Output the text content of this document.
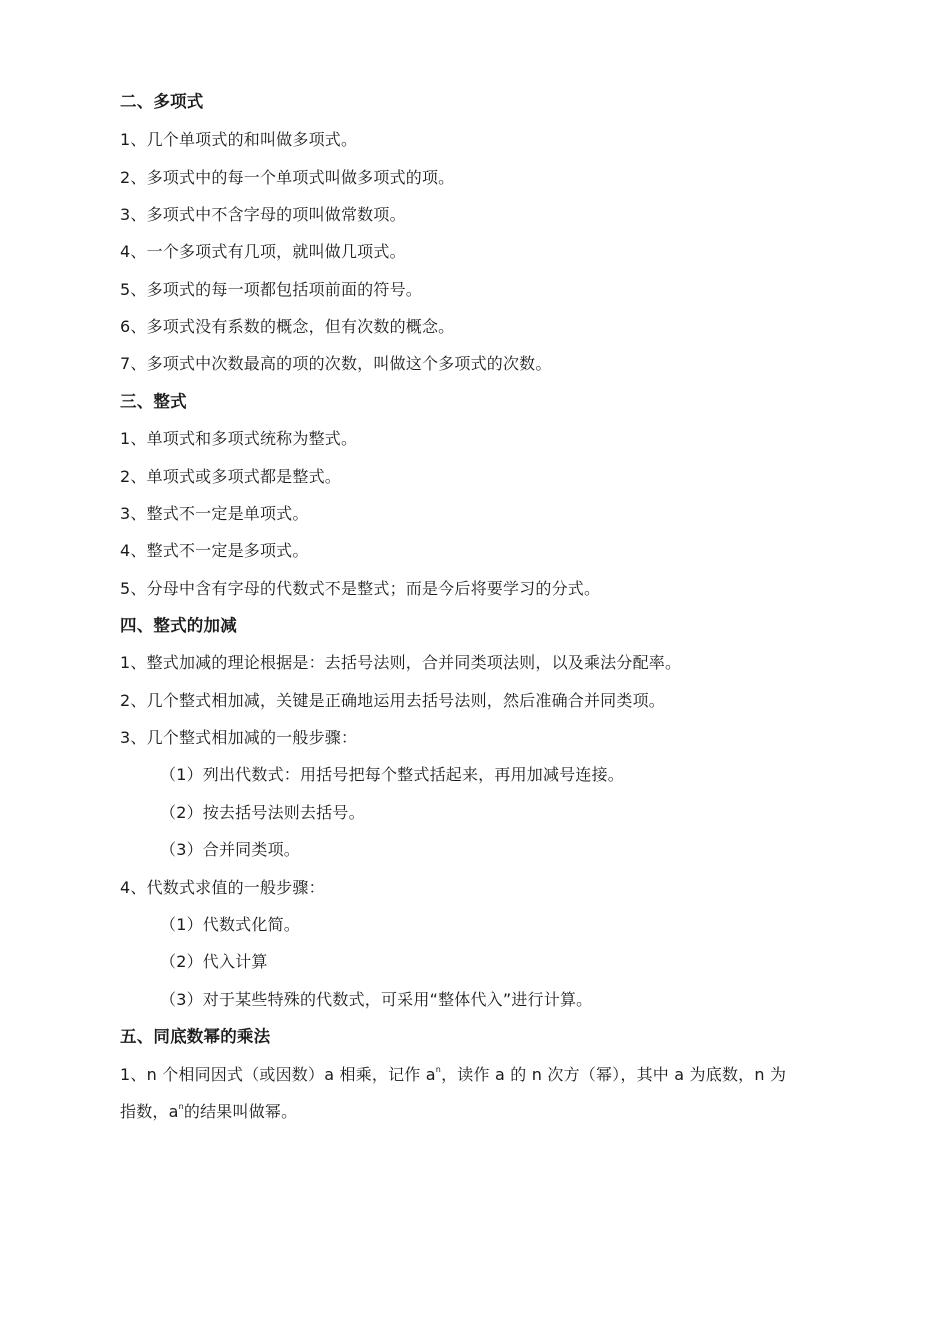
二、多项式
1、几个单项式的和叫做多项式。
2、多项式中的每一个单项式叫做多项式的项。
3、多项式中不含字母的项叫做常数项。
4、一个多项式有几项，就叫做几项式。
5、多项式的每一项都包括项前面的符号。
6、多项式没有系数的概念，但有次数的概念。
7、多项式中次数最高的项的次数，叫做这个多项式的次数。
三、整式
1、单项式和多项式统称为整式。
2、单项式或多项式都是整式。
3、整式不一定是单项式。
4、整式不一定是多项式。
5、分母中含有字母的代数式不是整式；而是今后将要学习的分式。
四、整式的加减
1、整式加减的理论根据是：去括号法则，合并同类项法则，以及乘法分配率。
2、几个整式相加减，关键是正确地运用去括号法则，然后准确合并同类项。
3、几个整式相加减的一般步骤：
（1）列出代数式：用括号把每个整式括起来，再用加减号连接。
（2）按去括号法则去括号。
（3）合并同类项。
4、代数式求值的一般步骤：
（1）代数式化简。
（2）代入计算
（3）对于某些特殊的代数式，可采用“整体代入”进行计算。
五、同底数幂的乘法
1、n 个相同因式（或因数）a 相乘，记作 $a^n$，读作 a 的 n 次方（幂），其中 a 为底数，n 为
指数，$a^n$的结果叫做幂。
